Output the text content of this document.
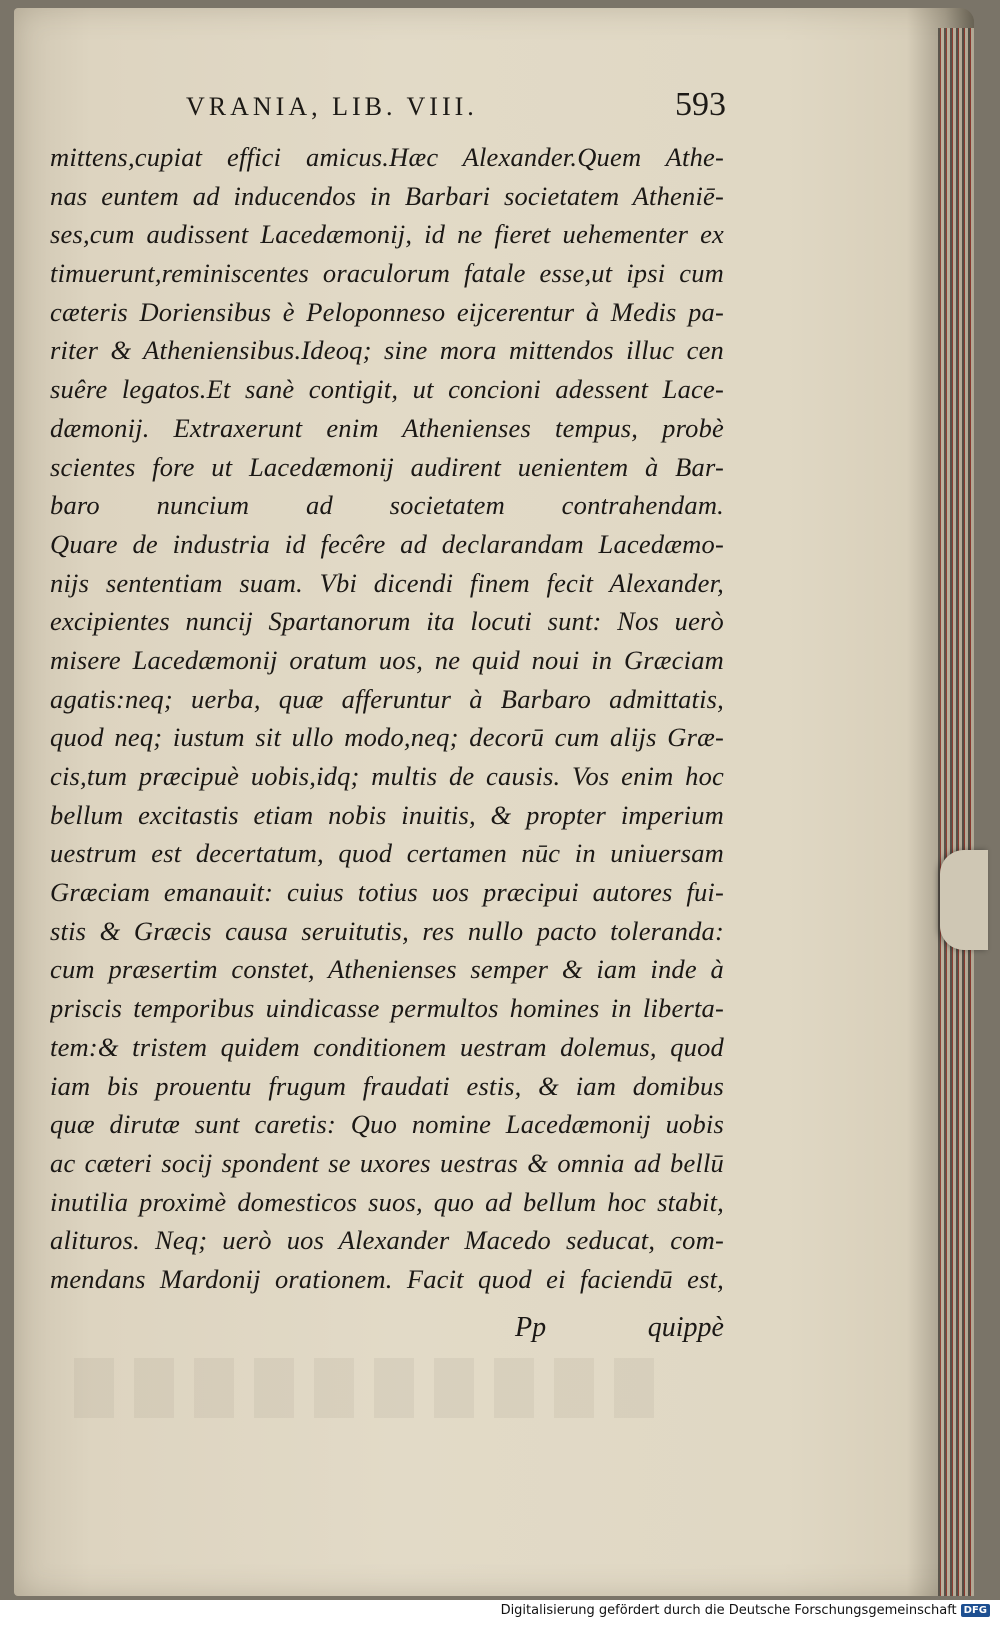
VRANIA, LIB. VIII.	593
mittens,cupiat effici amicus.Hæc Alexander.Quem Athe-
nas euntem ad inducendos in Barbari societatem Atheniē-
ses,cum audissent Lacedæmonij, id ne fieret uehementer ex
timuerunt,reminiscentes oraculorum fatale esse,ut ipsi cum
cæteris Doriensibus è Peloponneso eijcerentur à Medis pa-
riter & Atheniensibus.Ideoq; sine mora mittendos illuc cen
suêre legatos.Et sanè contigit, ut concioni adessent Lace-
dæmonij. Extraxerunt enim Athenienses tempus, probè
scientes fore ut Lacedæmonij audirent uenientem à Bar-
baro nuncium ad societatem contrahendam.
Quare de industria id fecêre ad declarandam Lacedæmo-
nijs sententiam suam. Vbi dicendi finem fecit Alexander,
excipientes nuncij Spartanorum ita locuti sunt: Nos uerò
misere Lacedæmonij oratum uos, ne quid noui in Græciam
agatis:neq; uerba, quæ afferuntur à Barbaro admittatis,
quod neq; iustum sit ullo modo,neq; decorū cum alijs Græ-
cis,tum præcipuè uobis,idq; multis de causis. Vos enim hoc
bellum excitastis etiam nobis inuitis, & propter imperium
uestrum est decertatum, quod certamen nūc in uniuersam
Græciam emanauit: cuius totius uos præcipui autores fui-
stis & Græcis causa seruitutis, res nullo pacto toleranda:
cum præsertim constet, Athenienses semper & iam inde à
priscis temporibus uindicasse permultos homines in liberta-
tem:& tristem quidem conditionem uestram dolemus, quod
iam bis prouentu frugum fraudati estis, & iam domibus
quæ dirutæ sunt caretis: Quo nomine Lacedæmonij uobis
ac cæteri socij spondent se uxores uestras & omnia ad bellū
inutilia proximè domesticos suos, quo ad bellum hoc stabit,
alituros. Neq; uerò uos Alexander Macedo seducat, com-
mendans Mardonij orationem. Facit quod ei faciendū est,
Pp	quippè
Digitalisierung gefördert durch die Deutsche Forschungsgemeinschaft DFG
